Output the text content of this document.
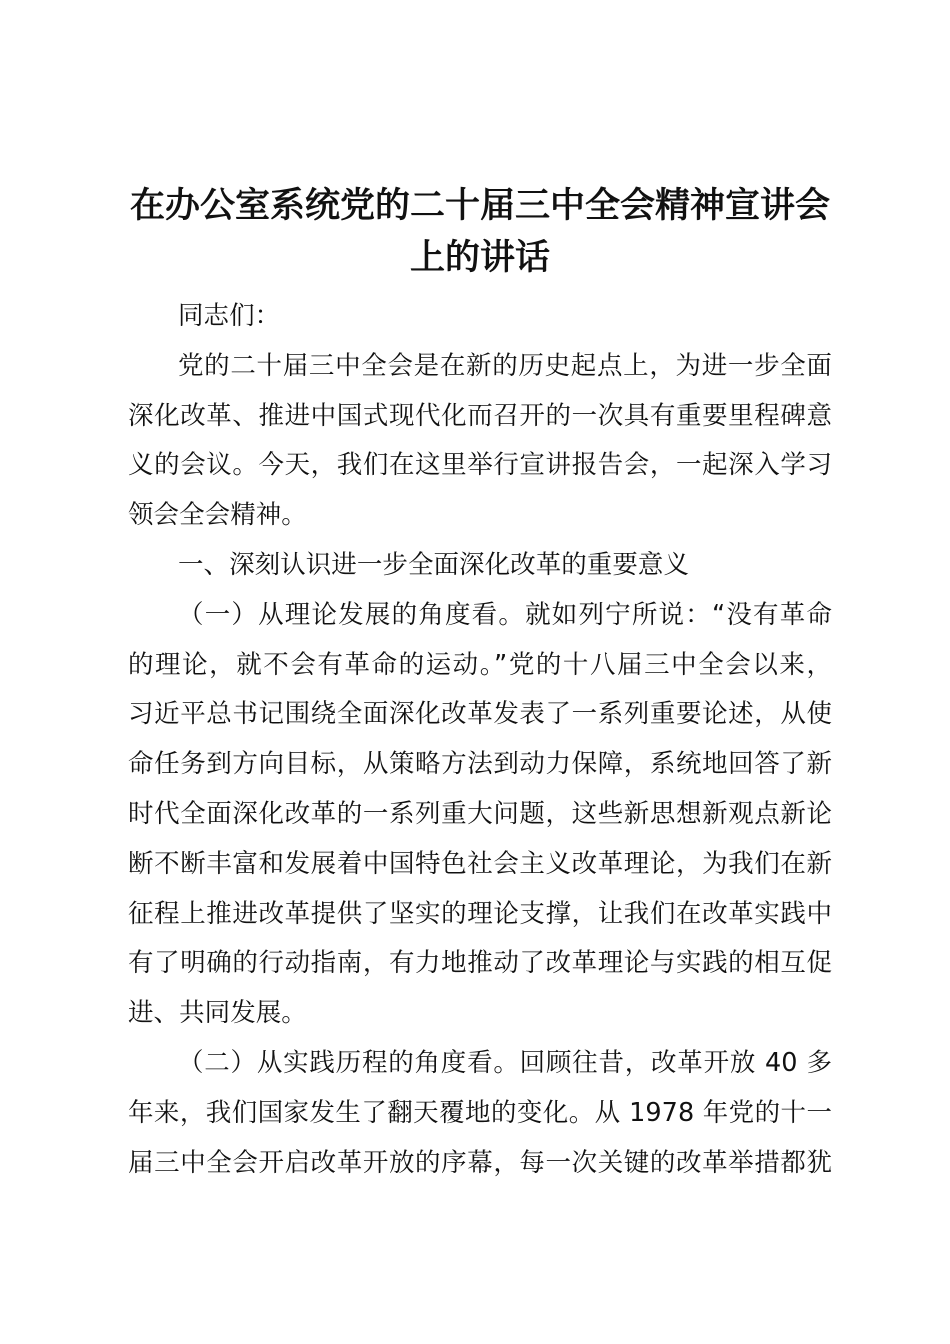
在办公室系统党的二十届三中全会精神宣讲会
上的讲话
同志们：
党的二十届三中全会是在新的历史起点上，为进一步全面
深化改革、推进中国式现代化而召开的一次具有重要里程碑意
义的会议。今天，我们在这里举行宣讲报告会，一起深入学习
领会全会精神。
一、深刻认识进一步全面深化改革的重要意义
（一）从理论发展的角度看。就如列宁所说：“没有革命
的理论，就不会有革命的运动。”党的十八届三中全会以来，
习近平总书记围绕全面深化改革发表了一系列重要论述，从使
命任务到方向目标，从策略方法到动力保障，系统地回答了新
时代全面深化改革的一系列重大问题，这些新思想新观点新论
断不断丰富和发展着中国特色社会主义改革理论，为我们在新
征程上推进改革提供了坚实的理论支撑，让我们在改革实践中
有了明确的行动指南，有力地推动了改革理论与实践的相互促
进、共同发展。
（二）从实践历程的角度看。回顾往昔，改革开放 40 多
年来，我们国家发生了翻天覆地的变化。从 1978 年党的十一
届三中全会开启改革开放的序幕，每一次关键的改革举措都犹
